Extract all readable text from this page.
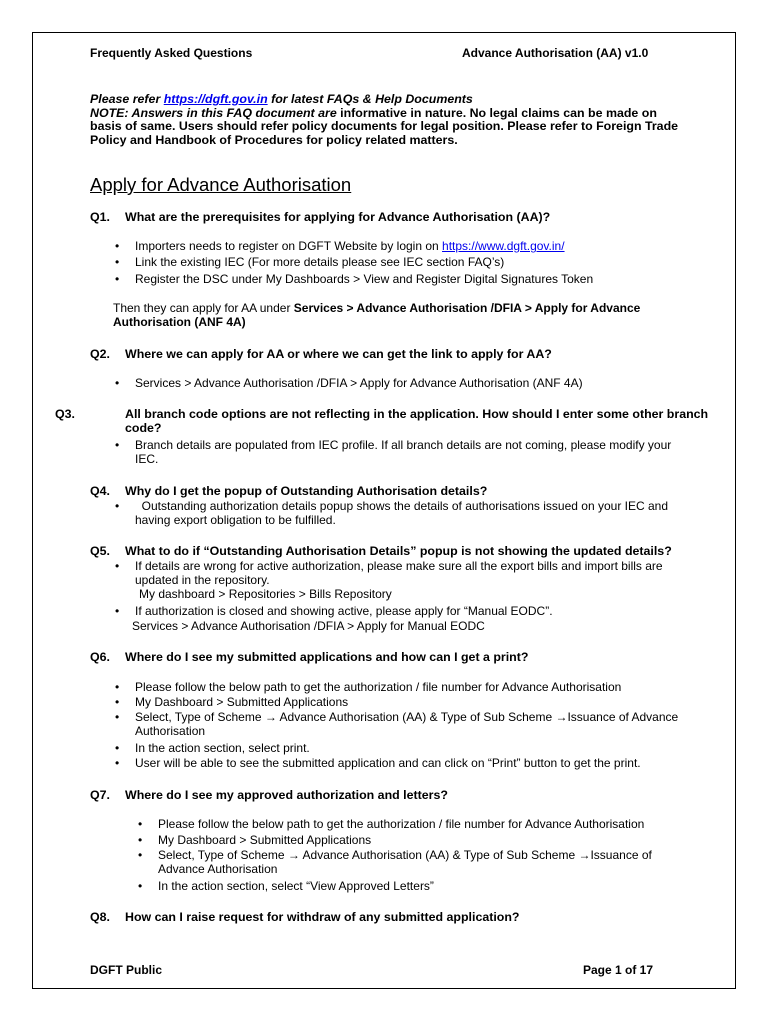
Frequently Asked Questions	Advance Authorisation (AA) v1.0
Please refer https://dgft.gov.in for latest FAQs & Help Documents
NOTE: Answers in this FAQ document are informative in nature. No legal claims can be made on basis of same. Users should refer policy documents for legal position. Please refer to Foreign Trade Policy and Handbook of Procedures for policy related matters.
Apply for Advance Authorisation
Q1. What are the prerequisites for applying for Advance Authorisation (AA)?
• Importers needs to register on DGFT Website by login on https://www.dgft.gov.in/
• Link the existing IEC (For more details please see IEC section FAQ’s)
• Register the DSC under My Dashboards > View and Register Digital Signatures Token
Then they can apply for AA under Services > Advance Authorisation /DFIA > Apply for Advance Authorisation (ANF 4A)
Q2. Where we can apply for AA or where we can get the link to apply for AA?
• Services > Advance Authorisation /DFIA > Apply for Advance Authorisation (ANF 4A)
Q3.	All branch code options are not reflecting in the application. How should I enter some other branch code?
• Branch details are populated from IEC profile. If all branch details are not coming, please modify your IEC.
Q4. Why do I get the popup of Outstanding Authorisation details?
•   Outstanding authorization details popup shows the details of authorisations issued on your IEC and having export obligation to be fulfilled.
Q5. What to do if “Outstanding Authorisation Details” popup is not showing the updated details?
• If details are wrong for active authorization, please make sure all the export bills and import bills are updated in the repository.
My dashboard > Repositories > Bills Repository
• If authorization is closed and showing active, please apply for “Manual EODC”.
Services > Advance Authorisation /DFIA > Apply for Manual EODC
Q6. Where do I see my submitted applications and how can I get a print?
• Please follow the below path to get the authorization / file number for Advance Authorisation
• My Dashboard > Submitted Applications
• Select, Type of Scheme → Advance Authorisation (AA) & Type of Sub Scheme →Issuance of Advance Authorisation
• In the action section, select print.
• User will be able to see the submitted application and can click on “Print” button to get the print.
Q7. Where do I see my approved authorization and letters?
• Please follow the below path to get the authorization / file number for Advance Authorisation
• My Dashboard > Submitted Applications
• Select, Type of Scheme → Advance Authorisation (AA) & Type of Sub Scheme →Issuance of Advance Authorisation
• In the action section, select “View Approved Letters”
Q8. How can I raise request for withdraw of any submitted application?
DGFT Public	Page 1 of 17
